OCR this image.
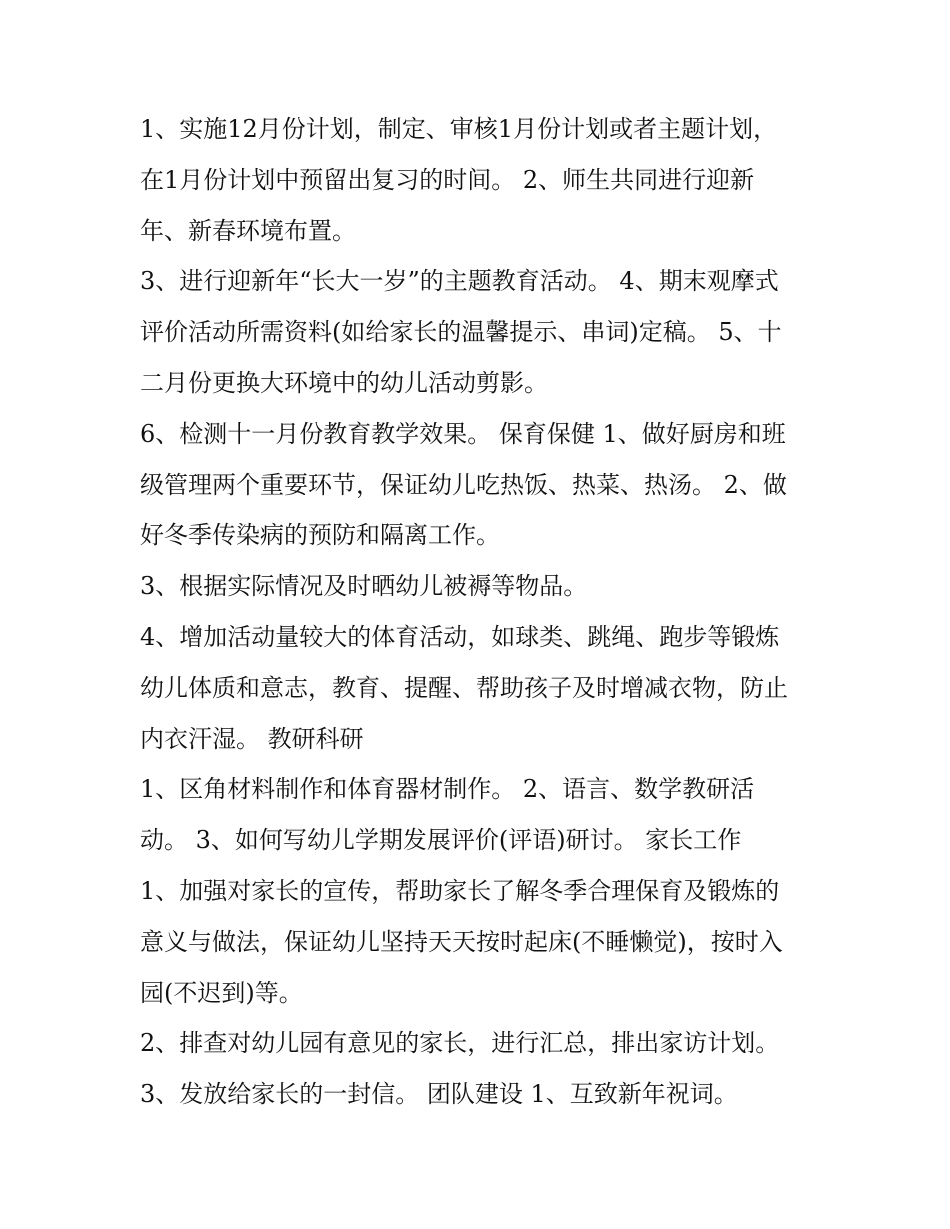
1、实施12月份计划，制定、审核1月份计划或者主题计划，
在1月份计划中预留出复习的时间。 2、师生共同进行迎新
年、新春环境布置。
3、进行迎新年“长大一岁”的主题教育活动。 4、期末观摩式
评价活动所需资料(如给家长的温馨提示、串词)定稿。 5、十
二月份更换大环境中的幼儿活动剪影。
6、检测十一月份教育教学效果。 保育保健 1、做好厨房和班
级管理两个重要环节，保证幼儿吃热饭、热菜、热汤。 2、做
好冬季传染病的预防和隔离工作。
3、根据实际情况及时晒幼儿被褥等物品。
4、增加活动量较大的体育活动，如球类、跳绳、跑步等锻炼
幼儿体质和意志，教育、提醒、帮助孩子及时增减衣物，防止
内衣汗湿。 教研科研
1、区角材料制作和体育器材制作。 2、语言、数学教研活
动。 3、如何写幼儿学期发展评价(评语)研讨。 家长工作
1、加强对家长的宣传，帮助家长了解冬季合理保育及锻炼的
意义与做法，保证幼儿坚持天天按时起床(不睡懒觉)，按时入
园(不迟到)等。
2、排查对幼儿园有意见的家长，进行汇总，排出家访计划。
3、发放给家长的一封信。 团队建设 1、互致新年祝词。
